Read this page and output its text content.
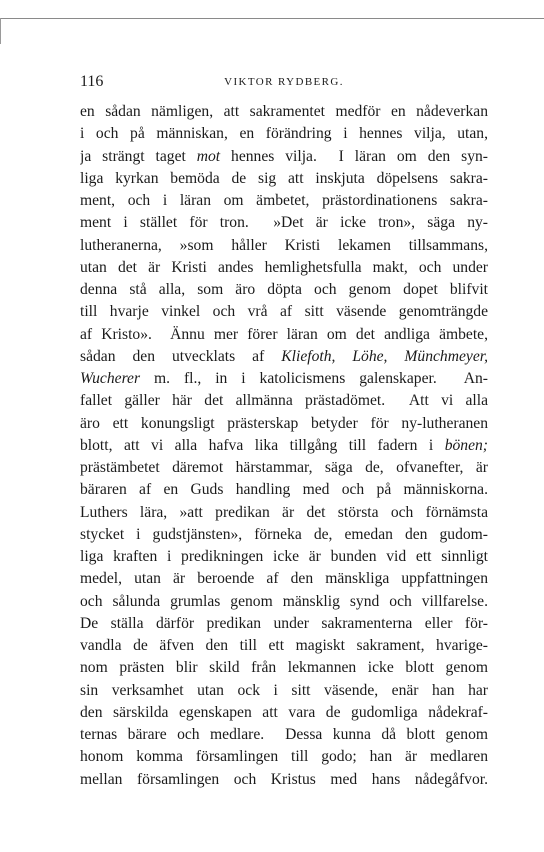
116	VIKTOR RYDBERG.
en sådan nämligen, att sakramentet medför en nådeverkan
i och på människan, en förändring i hennes vilja, utan,
ja strängt taget mot hennes vilja.  I läran om den syn-
liga kyrkan bemöda de sig att inskjuta döpelsens sakra-
ment, och i läran om ämbetet, prästordinationens sakra-
ment i stället för tron.  »Det är icke tron», säga ny-
lutheranerna, »som håller Kristi lekamen tillsammans,
utan det är Kristi andes hemlighetsfulla makt, och under
denna stå alla, som äro döpta och genom dopet blifvit
till hvarje vinkel och vrå af sitt väsende genomträngde
af Kristo».  Ännu mer förer läran om det andliga ämbete,
sådan den utvecklats af Kliefoth, Löhe, Münchmeyer,
Wucherer m. fl., in i katolicismens galenskaper.  An-
fallet gäller här det allmänna prästadömet.  Att vi alla
äro ett konungsligt prästerskap betyder för ny-lutheranen
blott, att vi alla hafva lika tillgång till fadern i bönen;
prästämbetet däremot härstammar, säga de, ofvanefter, är
bäraren af en Guds handling med och på människorna.
Luthers lära, »att predikan är det största och förnämsta
stycket i gudstjänsten», förneka de, emedan den gudom-
liga kraften i predikningen icke är bunden vid ett sinnligt
medel, utan är beroende af den mänskliga uppfattningen
och sålunda grumlas genom mänsklig synd och villfarelse.
De ställa därför predikan under sakramenterna eller för-
vandla de äfven den till ett magiskt sakrament, hvarige-
nom prästen blir skild från lekmannen icke blott genom
sin verksamhet utan ock i sitt väsende, enär han har
den särskilda egenskapen att vara de gudomliga nådekraf-
ternas bärare och medlare.  Dessa kunna då blott genom
honom komma församlingen till godo; han är medlaren
mellan församlingen och Kristus med hans nådegåfvor.
